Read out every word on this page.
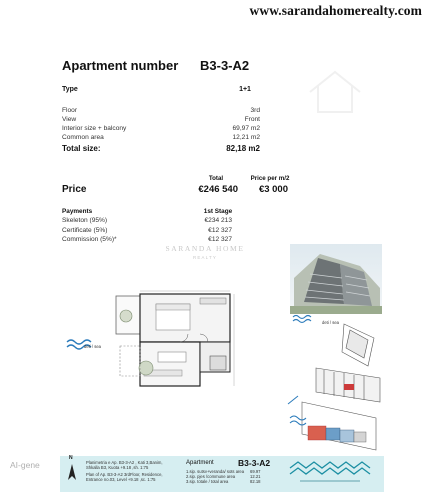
www.sarandahomerealty.com
Apartment number B3-3-A2
Type	1+1
Floor	3rd
View	Front
Interior size + balcony	69,97 m2
Common area	12,21 m2
Total size:	82,18 m2
Total	Price per m/2
Price	€246 540	€3 000
Payments	1st Stage
Skeleton (95%)	€234 213
Certificate (5%)	€12 327
Commission (5%)*	€12 327
SARANDA HOME
REALTY
deti / sea
deti / sea
N
Planimetria e Ap. B3-3-A2 , Kati 3,Banim,
Shkalla B3, Kuota +9.18 ,sh. 1:75
Plan of Ap. B3-3-A2 3rdFloor, Residence,
Entrance no.03, Level +9.18 ,sc. 1:75
Apartment	B3-3-A2
1.sip. sutsv+veranda/ sots area 69.97
2.sip. pjes /commune area	12.21
3.sip. totale / total area	82.18
AI-gene
